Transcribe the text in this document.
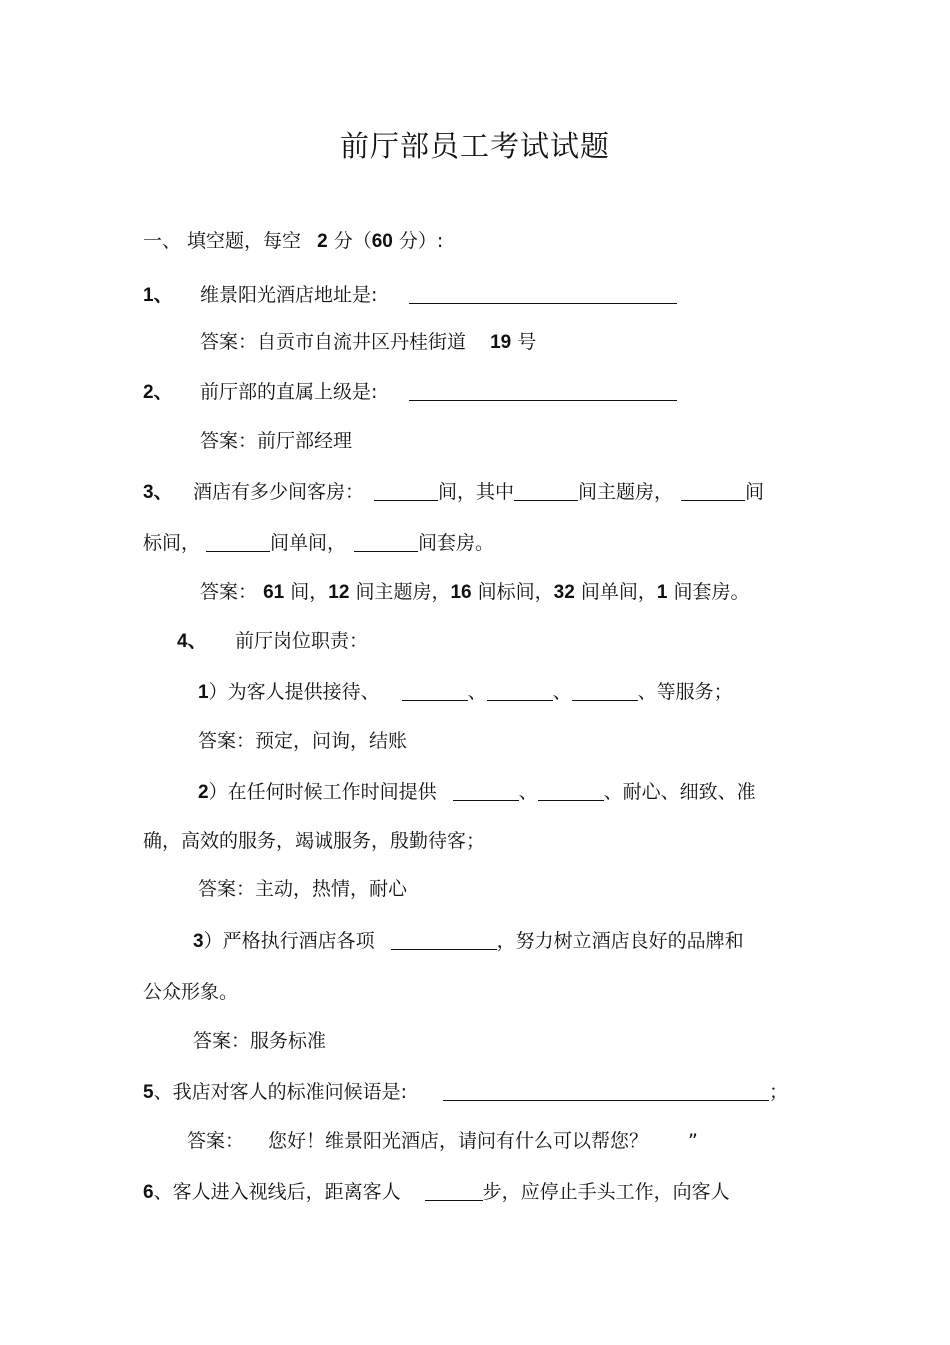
前厅部员工考试试题
一、 填空题，每空 2 分（60 分）:
1、 维景阳光酒店地址是:
答案：自贡市自流井区丹桂街道 19 号
2、 前厅部的直属上级是:
答案：前厅部经理
3、 酒店有多少间客房：	间，其中	间主题房，	间
标间，	间单间，	间套房。
答案： 61 间，12 间主题房，16 间标间，32 间单间，1 间套房。
4、 前厅岗位职责：
1）为客人提供接待、	、	、	、等服务；
答案：预定，问询，结账
2）在任何时候工作时间提供	、	、耐心、细致、准
确，高效的服务，竭诚服务，殷勤待客；
答案：主动，热情，耐心
3）严格执行酒店各项	，努力树立酒店良好的品牌和
公众形象。
答案：服务标准
5、我店对客人的标准问候语是:	；
答案： 您好！维景阳光酒店，请问有什么可以帮您？ ”
6、客人进入视线后，距离客人	步，应停止手头工作，向客人
